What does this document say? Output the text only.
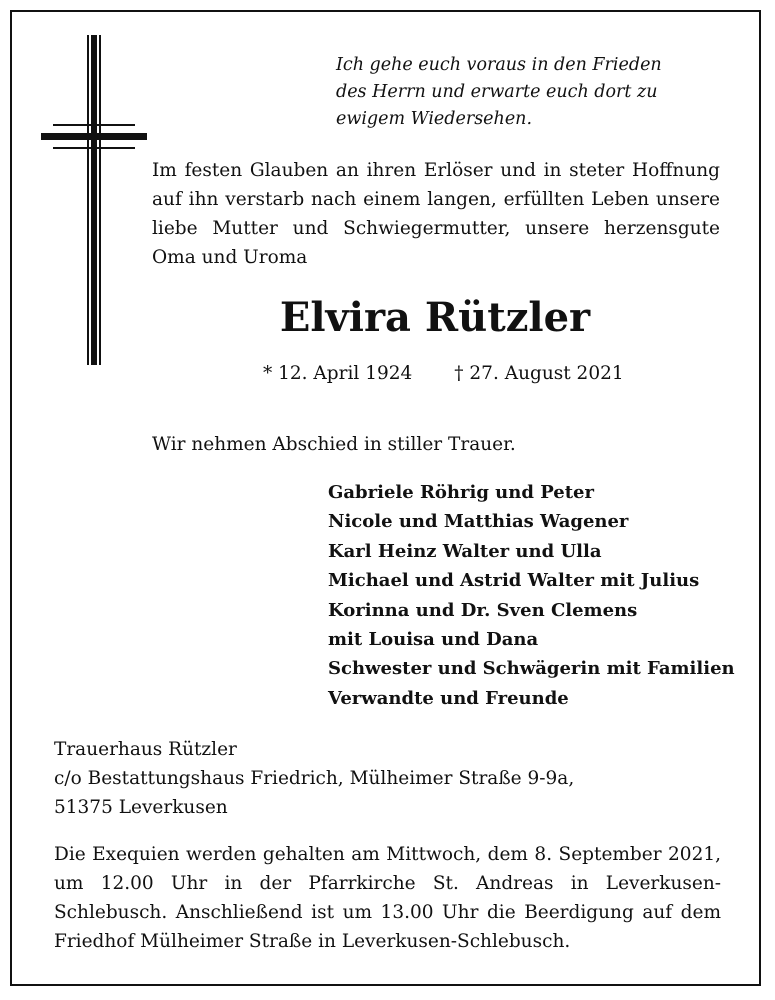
Ich gehe euch voraus in den Frieden
des Herrn und erwarte euch dort zu
ewigem Wiedersehen.
Im festen Glauben an ihren Erlöser und in steter Hoffnung auf ihn verstarb nach einem langen, erfüllten Leben unsere liebe Mutter und Schwiegermutter, unsere herzensgute Oma und Uroma
Elvira Rützler
* 12. April 1924 † 27. August 2021
Wir nehmen Abschied in stiller Trauer.
Gabriele Röhrig und Peter
Nicole und Matthias Wagener
Karl Heinz Walter und Ulla
Michael und Astrid Walter mit Julius
Korinna und Dr. Sven Clemens
mit Louisa und Dana
Schwester und Schwägerin mit Familien
Verwandte und Freunde
Trauerhaus Rützler
c/o Bestattungshaus Friedrich, Mülheimer Straße 9-9a,
51375 Leverkusen
Die Exequien werden gehalten am Mittwoch, dem 8. September 2021, um 12.00 Uhr in der Pfarrkirche St. Andreas in Leverkusen-Schlebusch. Anschließend ist um 13.00 Uhr die Beerdigung auf dem Friedhof Mülheimer Straße in Leverkusen-Schlebusch.
